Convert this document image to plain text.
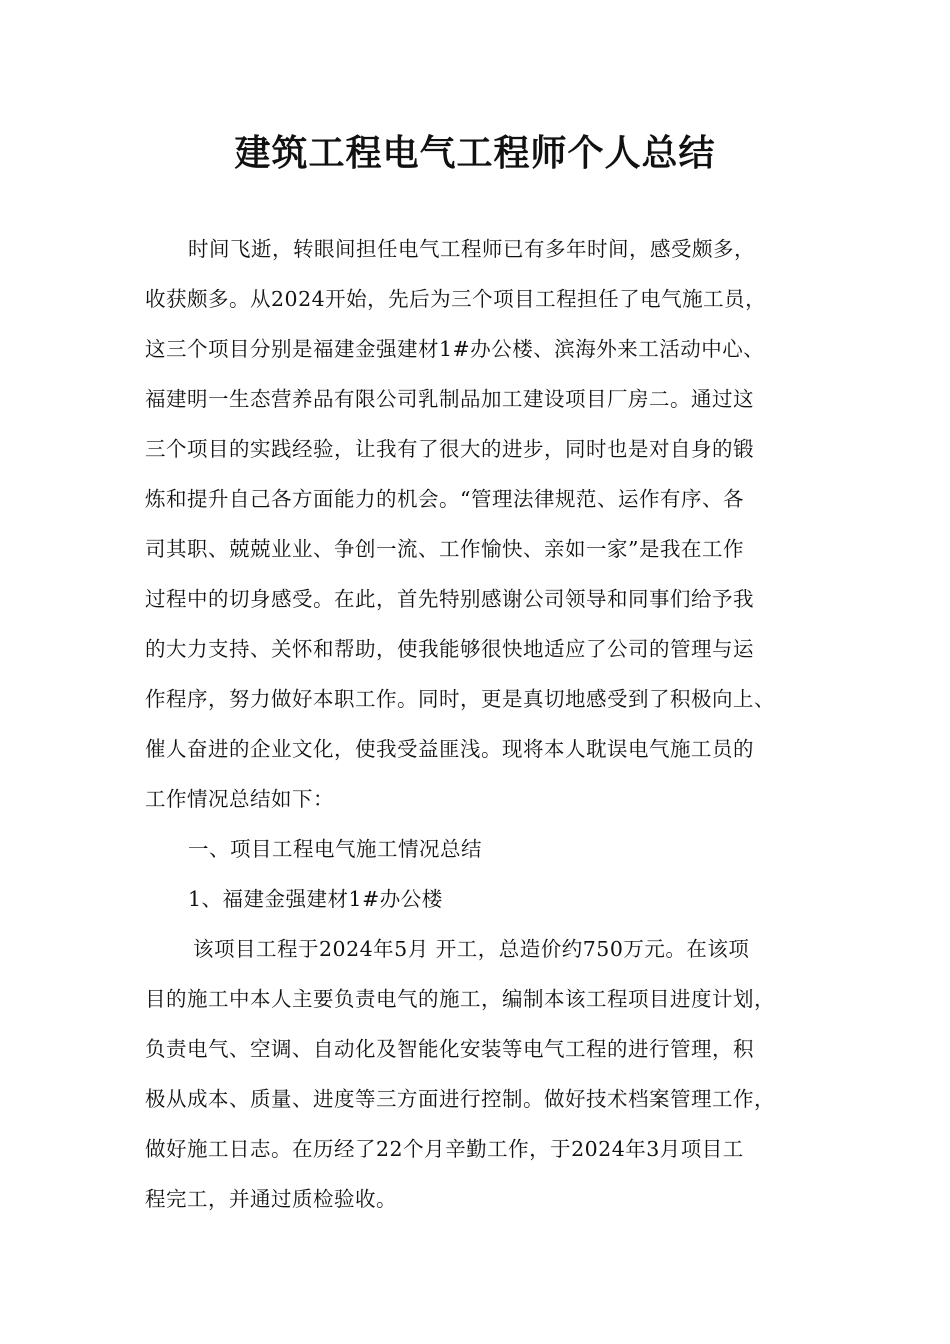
建筑工程电气工程师个人总结

时间飞逝，转眼间担任电气工程师已有多年时间，感受颇多，

收获颇多。从2024开始，先后为三个项目工程担任了电气施工员，

这三个项目分别是福建金强建材1#办公楼、滨海外来工活动中心、

福建明一生态营养品有限公司乳制品加工建设项目厂房二。通过这

三个项目的实践经验，让我有了很大的进步，同时也是对自身的锻

炼和提升自己各方面能力的机会。“管理法律规范、运作有序、各

司其职、兢兢业业、争创一流、工作愉快、亲如一家”是我在工作

过程中的切身感受。在此，首先特别感谢公司领导和同事们给予我

的大力支持、关怀和帮助，使我能够很快地适应了公司的管理与运

作程序，努力做好本职工作。同时，更是真切地感受到了积极向上、

催人奋进的企业文化，使我受益匪浅。现将本人耽误电气施工员的

工作情况总结如下：

一、项目工程电气施工情况总结

1、福建金强建材1#办公楼

该项目工程于2024年5月 开工，总造价约750万元。在该项

目的施工中本人主要负责电气的施工，编制本该工程项目进度计划，

负责电气、空调、自动化及智能化安装等电气工程的进行管理，积

极从成本、质量、进度等三方面进行控制。做好技术档案管理工作，

做好施工日志。在历经了22个月辛勤工作，于2024年3月项目工

程完工，并通过质检验收。
